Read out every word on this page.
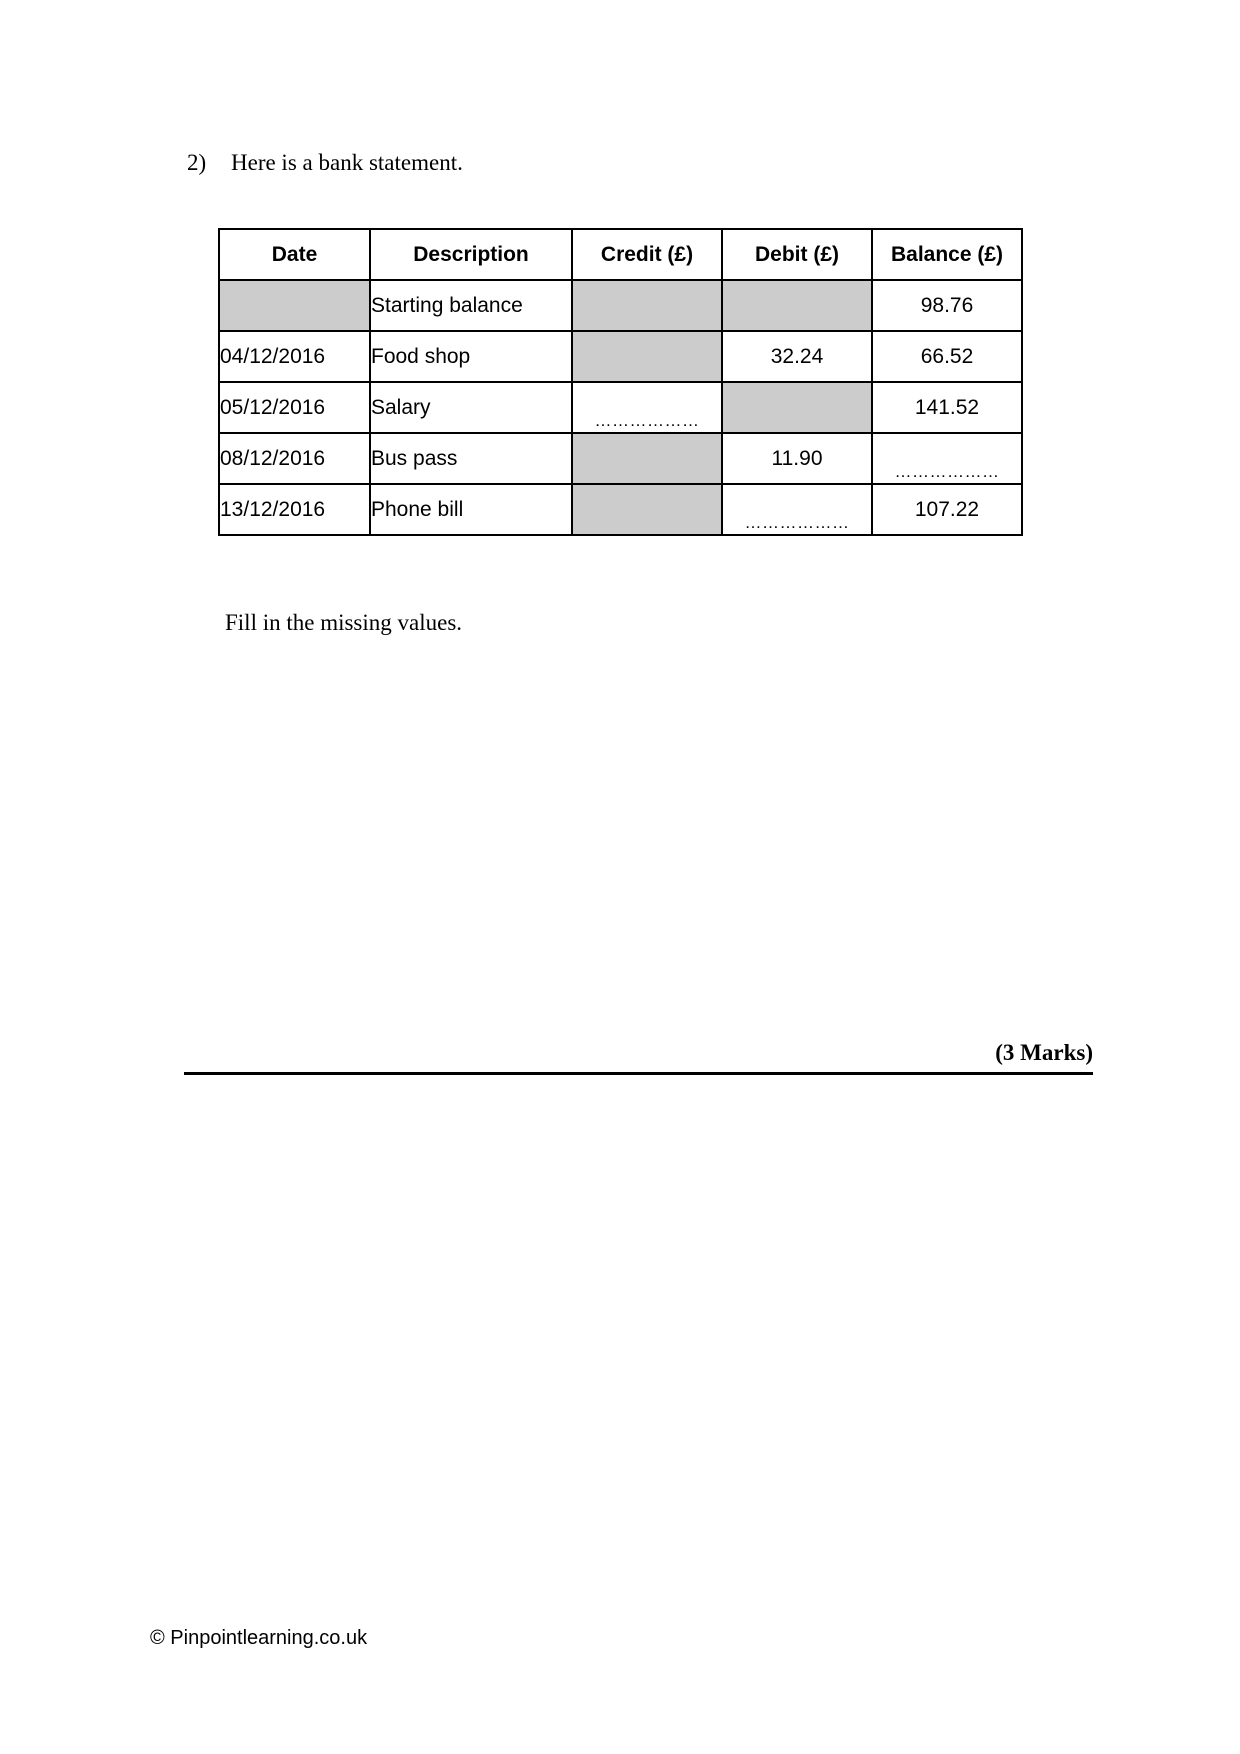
2) Here is a bank statement.
Date	Description	Credit (£)	Debit (£)	Balance (£)
	Starting balance			98.76
04/12/2016	Food shop		32.24	66.52
05/12/2016	Salary	………………		141.52
08/12/2016	Bus pass		11.90	………………
13/12/2016	Phone bill		………………	107.22
Fill in the missing values.
(3 Marks)
© Pinpointlearning.co.uk
